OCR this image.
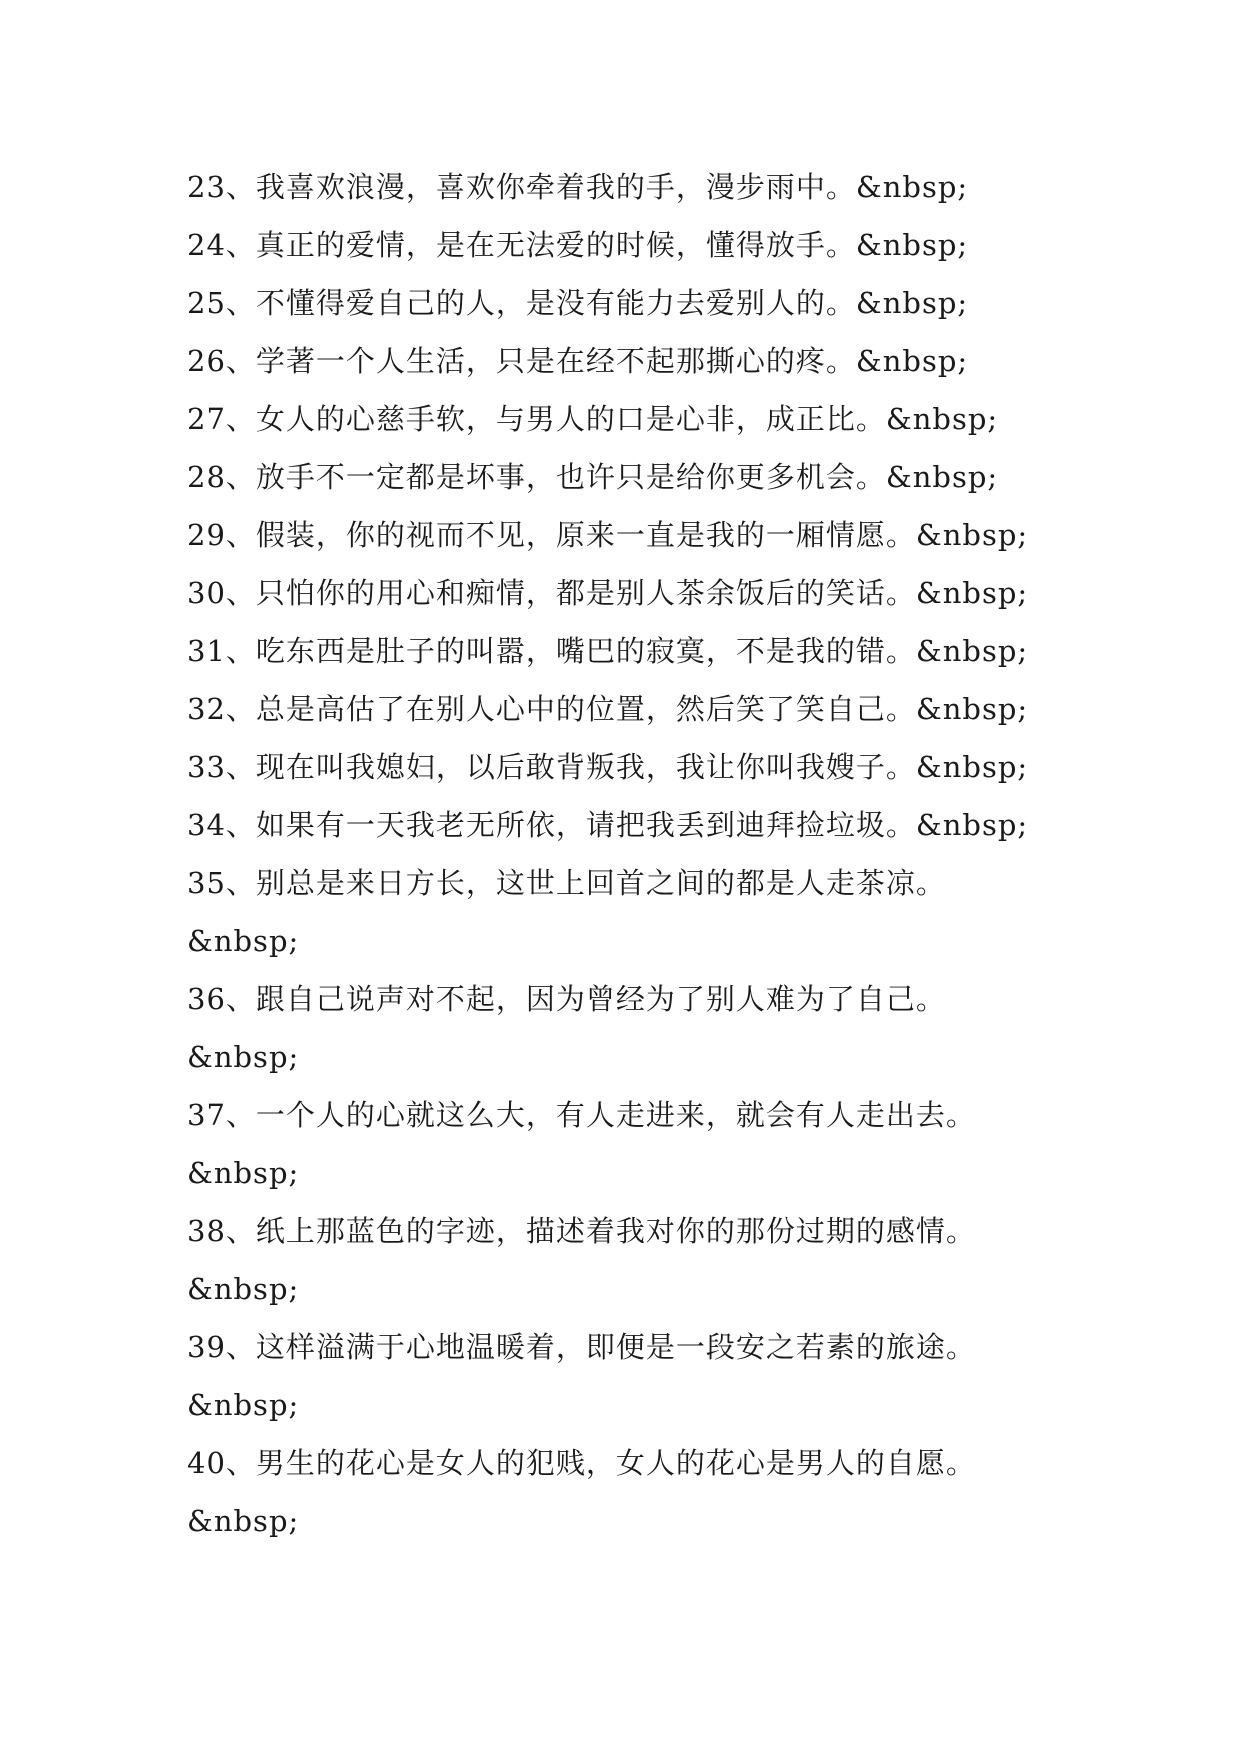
23、我喜欢浪漫，喜欢你牵着我的手，漫步雨中。&nbsp;
24、真正的爱情，是在无法爱的时候，懂得放手。&nbsp;
25、不懂得爱自己的人，是没有能力去爱别人的。&nbsp;
26、学著一个人生活，只是在经不起那撕心的疼。&nbsp;
27、女人的心慈手软，与男人的口是心非，成正比。&nbsp;
28、放手不一定都是坏事，也许只是给你更多机会。&nbsp;
29、假装，你的视而不见，原来一直是我的一厢情愿。&nbsp;
30、只怕你的用心和痴情，都是别人茶余饭后的笑话。&nbsp;
31、吃东西是肚子的叫嚣，嘴巴的寂寞，不是我的错。&nbsp;
32、总是高估了在别人心中的位置，然后笑了笑自己。&nbsp;
33、现在叫我媳妇，以后敢背叛我，我让你叫我嫂子。&nbsp;
34、如果有一天我老无所依，请把我丢到迪拜捡垃圾。&nbsp;
35、别总是来日方长，这世上回首之间的都是人走茶凉。
&nbsp;
36、跟自己说声对不起，因为曾经为了别人难为了自己。
&nbsp;
37、一个人的心就这么大，有人走进来，就会有人走出去。
&nbsp;
38、纸上那蓝色的字迹，描述着我对你的那份过期的感情。
&nbsp;
39、这样溢满于心地温暖着，即便是一段安之若素的旅途。
&nbsp;
40、男生的花心是女人的犯贱，女人的花心是男人的自愿。
&nbsp;
